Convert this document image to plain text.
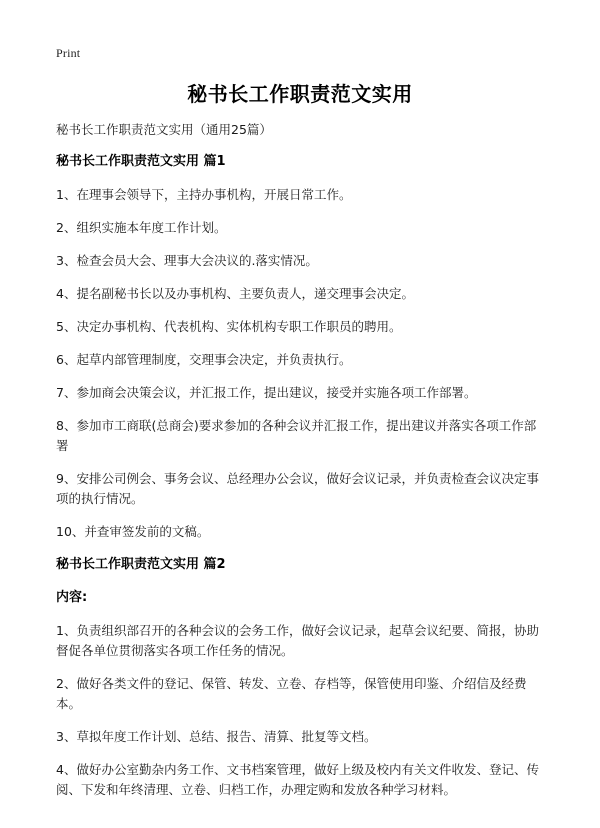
Print
秘书长工作职责范文实用

秘书长工作职责范文实用（通用25篇）

秘书长工作职责范文实用 篇1

1、在理事会领导下，主持办事机构，开展日常工作。

2、组织实施本年度工作计划。

3、检查会员大会、理事大会决议的.落实情况。

4、提名副秘书长以及办事机构、主要负责人，递交理事会决定。

5、决定办事机构、代表机构、实体机构专职工作职员的聘用。

6、起草内部管理制度，交理事会决定，并负责执行。

7、参加商会决策会议，并汇报工作，提出建议，接受并实施各项工作部署。

8、参加市工商联(总商会)要求参加的各种会议并汇报工作，提出建议并落实各项工作部署

9、安排公司例会、事务会议、总经理办公会议，做好会议记录，并负责检查会议决定事项的执行情况。

10、并查审签发前的文稿。

秘书长工作职责范文实用 篇2

内容:

1、负责组织部召开的各种会议的会务工作，做好会议记录，起草会议纪要、简报，协助督促各单位贯彻落实各项工作任务的情况。

2、做好各类文件的登记、保管、转发、立卷、存档等，保管使用印鉴、介绍信及经费本。

3、草拟年度工作计划、总结、报告、清算、批复等文档。

4、做好办公室勤杂内务工作、文书档案管理，做好上级及校内有关文件收发、登记、传阅、下发和年终清理、立卷、归档工作，办理定购和发放各种学习材料。
